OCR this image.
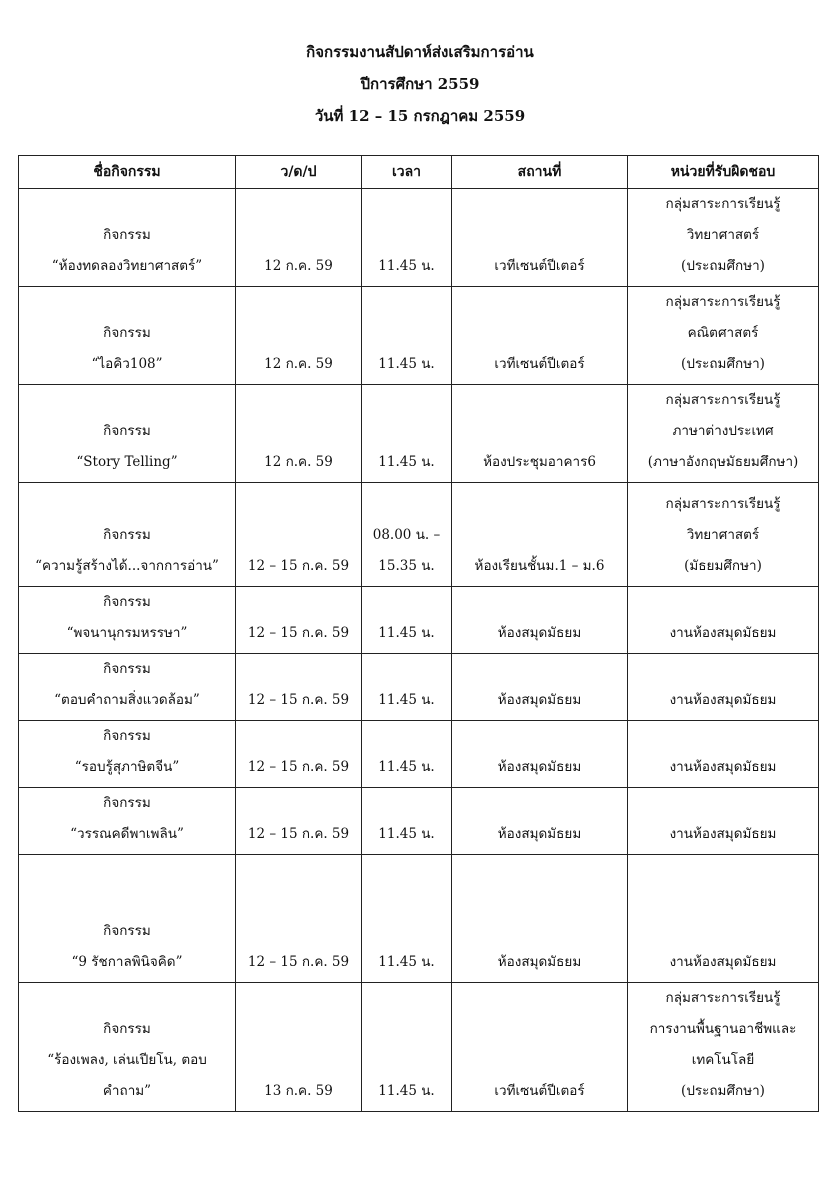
กิจกรรมงานสัปดาห์ส่งเสริมการอ่าน
ปีการศึกษา 2559
วันที่ 12 – 15 กรกฎาคม 2559
ชื่อกิจกรรม	ว/ด/ป	เวลา	สถานที่	หน่วยที่รับผิดชอบ

กิจกรรม
“ห้องทดลองวิทยาศาสตร์”	12 ก.ค. 59	11.45 น.	เวทีเซนต์ปีเตอร์	กลุ่มสาระการเรียนรู้
วิทยาศาสตร์
(ประถมศึกษา)

กิจกรรม
“ไอคิว108”	12 ก.ค. 59	11.45 น.	เวทีเซนต์ปีเตอร์	กลุ่มสาระการเรียนรู้
คณิตศาสตร์
(ประถมศึกษา)

กิจกรรม
“Story Telling”	12 ก.ค. 59	11.45 น.	ห้องประชุมอาคาร6	กลุ่มสาระการเรียนรู้
ภาษาต่างประเทศ
(ภาษาอังกฤษมัธยมศึกษา)

กิจกรรม
“ความรู้สร้างได้...จากการอ่าน”	12 – 15 ก.ค. 59	08.00 น. –
15.35 น.	ห้องเรียนชั้นม.1 – ม.6	กลุ่มสาระการเรียนรู้
วิทยาศาสตร์
(มัธยมศึกษา)

กิจกรรม
“พจนานุกรมหรรษา”	12 – 15 ก.ค. 59	11.45 น.	ห้องสมุดมัธยม	งานห้องสมุดมัธยม

กิจกรรม
“ตอบคำถามสิ่งแวดล้อม”	12 – 15 ก.ค. 59	11.45 น.	ห้องสมุดมัธยม	งานห้องสมุดมัธยม

กิจกรรม
“รอบรู้สุภาษิตจีน”	12 – 15 ก.ค. 59	11.45 น.	ห้องสมุดมัธยม	งานห้องสมุดมัธยม

กิจกรรม
“วรรณคดีพาเพลิน”	12 – 15 ก.ค. 59	11.45 น.	ห้องสมุดมัธยม	งานห้องสมุดมัธยม

กิจกรรม
“9 รัชกาลพินิจคิด”	12 – 15 ก.ค. 59	11.45 น.	ห้องสมุดมัธยม	งานห้องสมุดมัธยม

กิจกรรม
“ร้องเพลง, เล่นเปียโน, ตอบ
คำถาม”	13 ก.ค. 59	11.45 น.	เวทีเซนต์ปีเตอร์	กลุ่มสาระการเรียนรู้
การงานพื้นฐานอาชีพและ
เทคโนโลยี
(ประถมศึกษา)
